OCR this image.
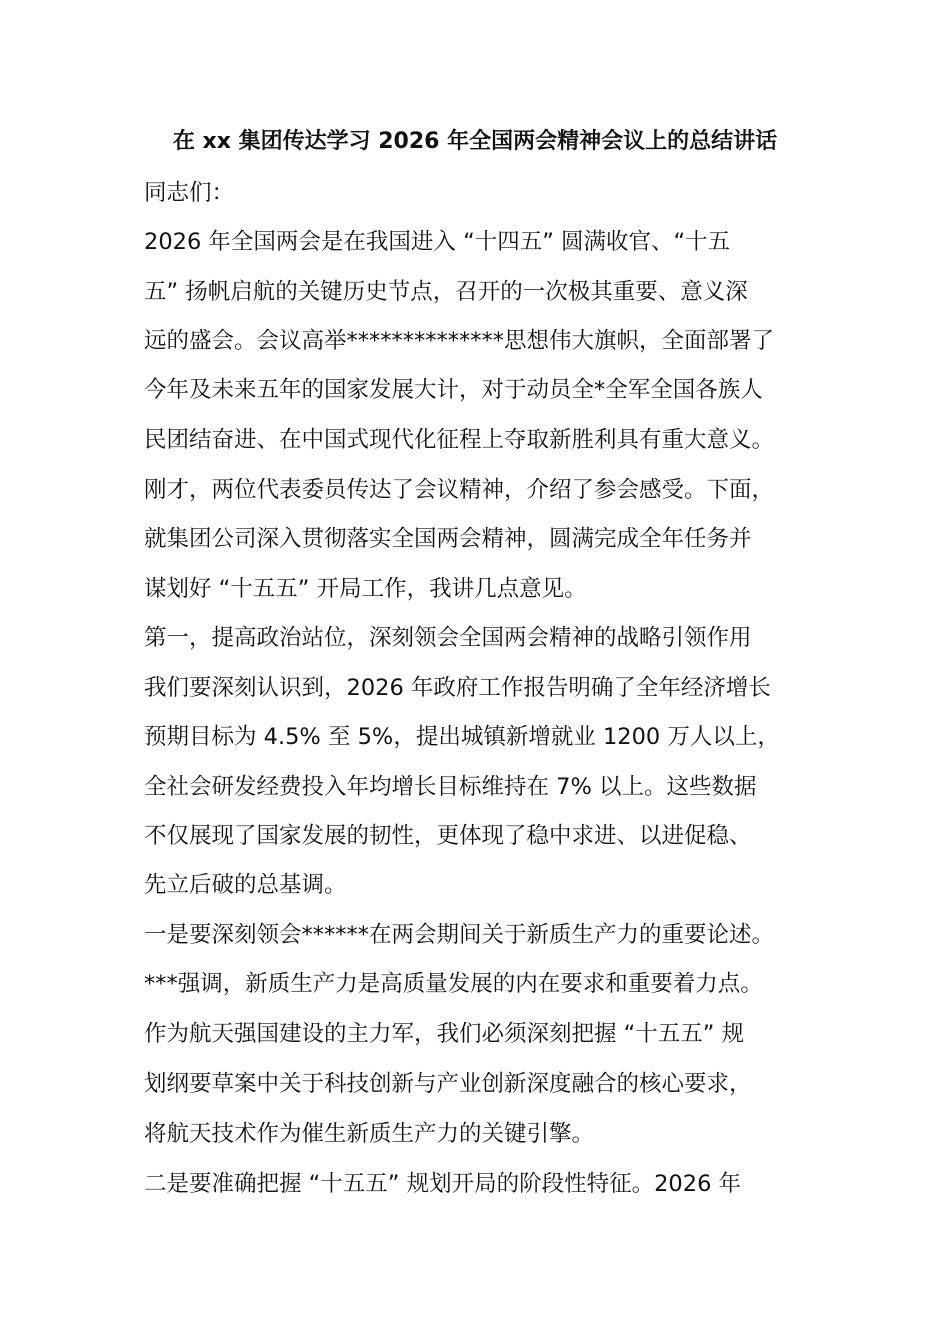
在 xx 集团传达学习 2026 年全国两会精神会议上的总结讲话
同志们：
2026 年全国两会是在我国进入 “十四五” 圆满收官、“十五
五” 扬帆启航的关键历史节点，召开的一次极其重要、意义深
远的盛会。会议高举**************思想伟大旗帜，全面部署了
今年及未来五年的国家发展大计，对于动员全*全军全国各族人
民团结奋进、在中国式现代化征程上夺取新胜利具有重大意义。
刚才，两位代表委员传达了会议精神，介绍了参会感受。下面，
就集团公司深入贯彻落实全国两会精神，圆满完成全年任务并
谋划好 “十五五” 开局工作，我讲几点意见。
第一，提高政治站位，深刻领会全国两会精神的战略引领作用
我们要深刻认识到，2026 年政府工作报告明确了全年经济增长
预期目标为 4.5% 至 5%，提出城镇新增就业 1200 万人以上，
全社会研发经费投入年均增长目标维持在 7% 以上。这些数据
不仅展现了国家发展的韧性，更体现了稳中求进、以进促稳、
先立后破的总基调。
一是要深刻领会******在两会期间关于新质生产力的重要论述。
***强调，新质生产力是高质量发展的内在要求和重要着力点。
作为航天强国建设的主力军，我们必须深刻把握 “十五五” 规
划纲要草案中关于科技创新与产业创新深度融合的核心要求，
将航天技术作为催生新质生产力的关键引擎。
二是要准确把握 “十五五” 规划开局的阶段性特征。2026 年
